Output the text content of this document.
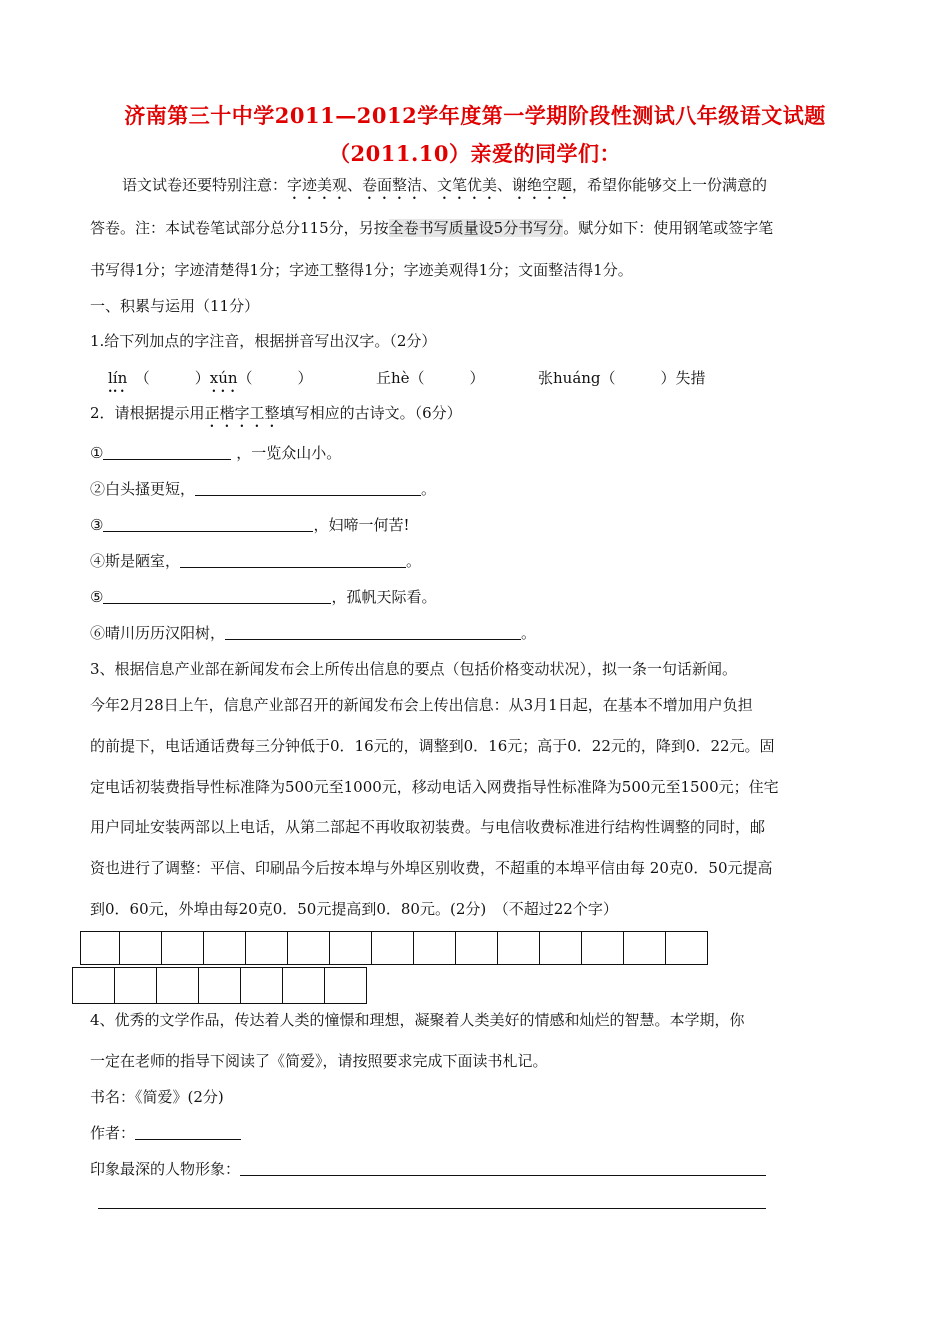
济南第三十中学2011—2012学年度第一学期阶段性测试八年级语文试题
（2011.10）亲爱的同学们：
语文试卷还要特别注意：字迹美观、卷面整洁、文笔优美、谢绝空题，希望你能够交上一份满意的
答卷。注：本试卷笔试部分总分115分，另按全卷书写质量设5分书写分。赋分如下：使用钢笔或签字笔
书写得1分；字迹清楚得1分；字迹工整得1分；字迹美观得1分；文面整洁得1分。
一、积累与运用（11分）
1.给下列加点的字注音，根据拼音写出汉字。（2分）
lín　（　　　）xún（　　　）	丘hè（　　　）	张huáng（　　　）失措
2．请根据提示用正楷字工整填写相应的古诗文。（6分）
①	，一览众山小。
②白头搔更短，	。
③	，妇啼一何苦!
④斯是陋室，	。
⑤	，孤帆天际看。
⑥晴川历历汉阳树，	。
3、根据信息产业部在新闻发布会上所传出信息的要点（包括价格变动状况），拟一条一句话新闻。
今年2月28日上午，信息产业部召开的新闻发布会上传出信息：从3月1日起，在基本不增加用户负担
的前提下，电话通话费每三分钟低于0．16元的，调整到0．16元；高于0．22元的，降到0．22元。固
定电话初装费指导性标准降为500元至1000元，移动电话入网费指导性标准降为500元至1500元；住宅
用户同址安装两部以上电话，从第二部起不再收取初装费。与电信收费标准进行结构性调整的同时，邮
资也进行了调整：平信、印刷品今后按本埠与外埠区别收费，不超重的本埠平信由每 20克0．50元提高
到0．60元，外埠由每20克0．50元提高到0．80元。(2分)　（不超过22个字）
4、优秀的文学作品，传达着人类的憧憬和理想，凝聚着人类美好的情感和灿烂的智慧。本学期，你
一定在老师的指导下阅读了《简爱》，请按照要求完成下面读书札记。
书名：《简爱》(2分)
作者：
印象最深的人物形象：
